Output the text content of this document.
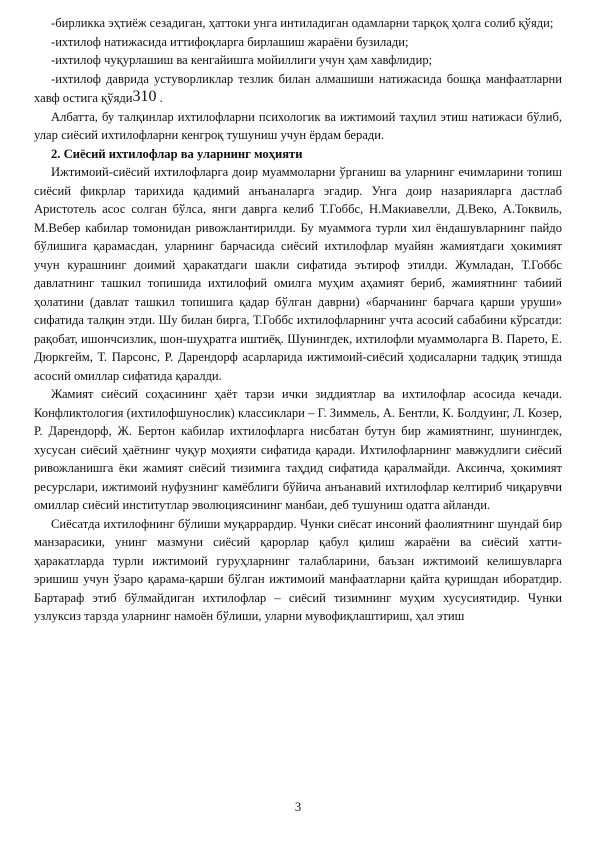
-бирликка эҳтиёж сезадиган, ҳаттоки унга интиладиган одамларни тарқоқ ҳолга солиб қўяди;

-ихтилоф натижасида иттифоқларга бирлашиш жараёни бузилади;

-ихтилоф чуқурлашиш ва кенгайишга мойиллиги учун ҳам хавфлидир;

-ихтилоф даврида устуворликлар тезлик билан алмашиши натижасида бошқа манфаатларни хавф остига қўяди310 .

Албатта, бу талқинлар ихтилофларни психологик ва ижтимоий таҳлил этиш натижаси бўлиб, улар сиёсий ихтилофларни кенгроқ тушуниш учун ёрдам беради.

2. Сиёсий ихтилофлар ва уларнинг моҳияти

Ижтимоий-сиёсий ихтилофларга доир муаммоларни ўрганиш ва уларнинг ечимларини топиш сиёсий фикрлар тарихида қадимий анъаналарга эгадир. Унга доир назарияларга дастлаб Аристотель асос солган бўлса, янги даврга келиб Т.Гоббс, Н.Макиавелли, Д.Веко, А.Токвиль, М.Вебер кабилар томонидан ривожлантирилди. Бу муаммога турли хил ёндашувларнинг пайдо бўлишига қарамасдан, уларнинг барчасида сиёсий ихтилофлар муайян жамиятдаги ҳокимият учун курашнинг доимий ҳаракатдаги шакли сифатида эътироф этилди. Жумладан, Т.Гоббс давлатнинг ташкил топишида ихтилофий омилга муҳим аҳамият бериб, жамиятнинг табиий ҳолатини (давлат ташкил топишига қадар бўлган даврни) «барчанинг барчага қарши уруши» сифатида талқин этди. Шу билан бирга, Т.Гоббс ихтилофларнинг учта асосий сабабини кўрсатди: рақобат, ишончсизлик, шон-шуҳратга иштиёқ. Шунингдек, ихтилофли муаммоларга В. Парето, Е. Дюркгейм, Т. Парсонс, Р. Дарендорф асарларида ижтимоий-сиёсий ҳодисаларни тадқиқ этишда асосий омиллар сифатида қаралди.

Жамият сиёсий соҳасининг ҳаёт тарзи ички зиддиятлар ва ихтилофлар асосида кечади. Конфликтология (ихтилофшунослик) классиклари – Г. Зиммель, А. Бентли, К. Болдуинг, Л. Козер, Р. Дарендорф, Ж. Бертон кабилар ихтилофларга нисбатан бутун бир жамиятнинг, шунингдек, хусусан сиёсий ҳаётнинг чуқур моҳияти сифатида қаради. Ихтилофларнинг мавжудлиги сиёсий ривожланишга ёки жамият сиёсий тизимига таҳдид сифатида қаралмайди. Аксинча, ҳокимият ресурслари, ижтимоий нуфузнинг камёблиги бўйича анъанавий ихтилофлар келтириб чиқарувчи омиллар сиёсий институтлар эволюциясининг манбаи, деб тушуниш одатга айланди.

Сиёсатда ихтилофнинг бўлиши муқаррардир. Чунки сиёсат инсоний фаолиятнинг шундай бир манзарасики, унинг мазмуни сиёсий қарорлар қабул қилиш жараёни ва сиёсий хатти-ҳаракатларда турли ижтимоий гуруҳларнинг талабларини, баъзан ижтимоий келишувларга эришиш учун ўзаро қарама-қарши бўлган ижтимоий манфаатларни қайта қуришдан иборатдир. Бартараф этиб бўлмайдиган ихтилофлар – сиёсий тизимнинг муҳим хусусиятидир. Чунки узлуксиз тарзда уларнинг намоён бўлиши, уларни мувофиқлаштириш, ҳал этиш

3
